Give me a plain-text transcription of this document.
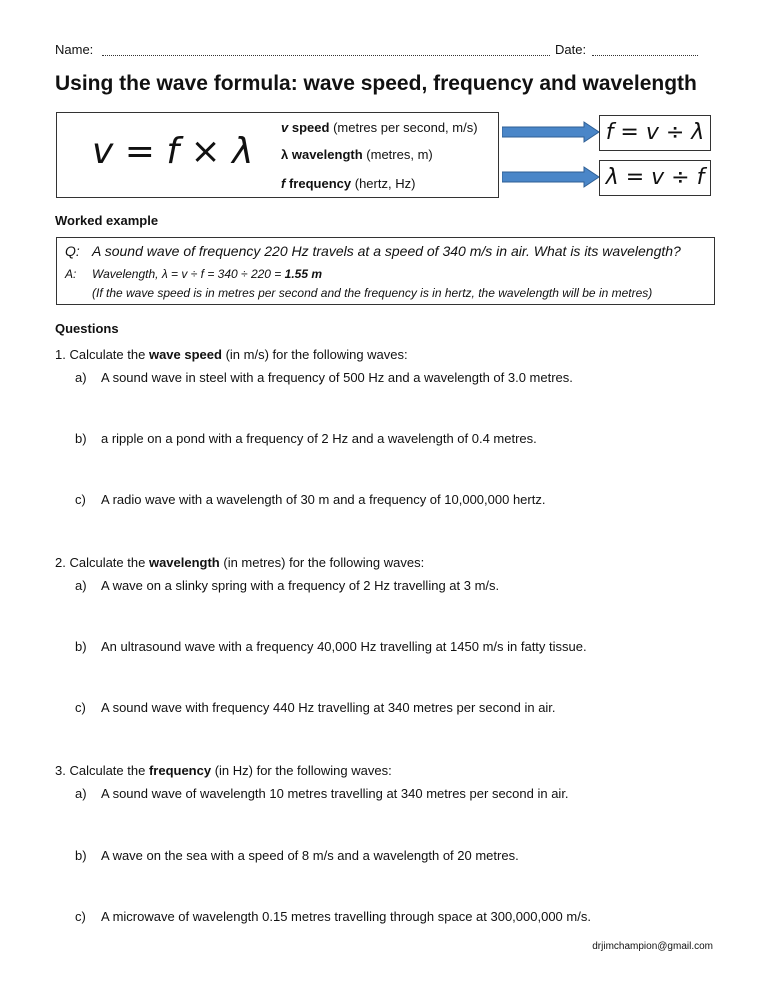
Name:	Date:
Using the wave formula: wave speed, frequency and wavelength
v = f × λ
v speed (metres per second, m/s)
λ wavelength (metres, m)
f frequency (hertz, Hz)
f = v ÷ λ
λ = v ÷ f
Worked example
Q: A sound wave of frequency 220 Hz travels at a speed of 340 m/s in air. What is its wavelength?
A: Wavelength, λ = v ÷ f = 340 ÷ 220 = 1.55 m
(If the wave speed is in metres per second and the frequency is in hertz, the wavelength will be in metres)
Questions
1. Calculate the wave speed (in m/s) for the following waves:
a) A sound wave in steel with a frequency of 500 Hz and a wavelength of 3.0 metres.
b) a ripple on a pond with a frequency of 2 Hz and a wavelength of 0.4 metres.
c) A radio wave with a wavelength of 30 m and a frequency of 10,000,000 hertz.
2. Calculate the wavelength (in metres) for the following waves:
a) A wave on a slinky spring with a frequency of 2 Hz travelling at 3 m/s.
b) An ultrasound wave with a frequency 40,000 Hz travelling at 1450 m/s in fatty tissue.
c) A sound wave with frequency 440 Hz travelling at 340 metres per second in air.
3. Calculate the frequency (in Hz) for the following waves:
a) A sound wave of wavelength 10 metres travelling at 340 metres per second in air.
b) A wave on the sea with a speed of 8 m/s and a wavelength of 20 metres.
c) A microwave of wavelength 0.15 metres travelling through space at 300,000,000 m/s.
drjimchampion@gmail.com
